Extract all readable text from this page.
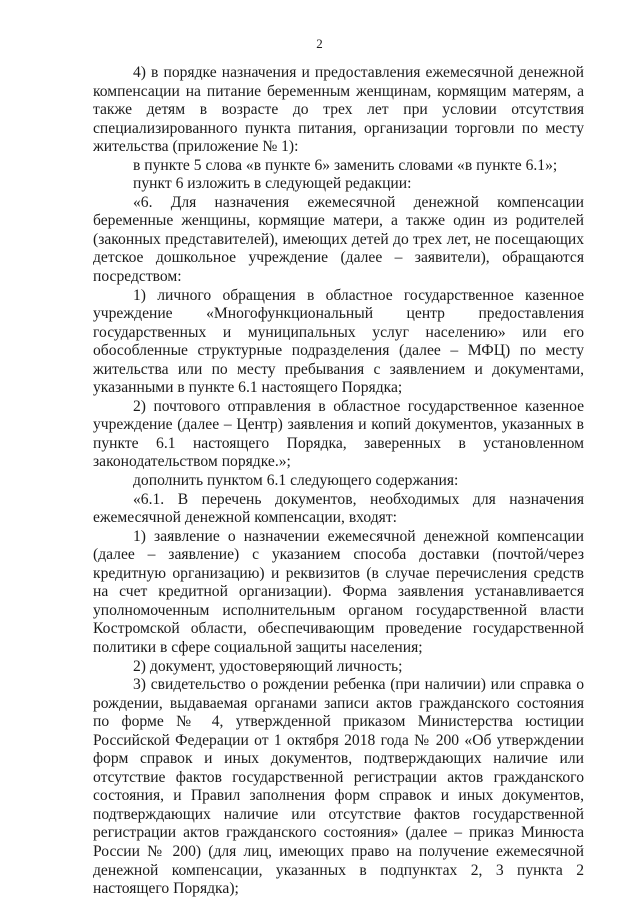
2

4) в порядке назначения и предоставления ежемесячной денежной компенсации на питание беременным женщинам, кормящим матерям, а также детям в возрасте до трех лет при условии отсутствия специализированного пункта питания, организации торговли по месту жительства (приложение № 1):

в пункте 5 слова «в пункте 6» заменить словами «в пункте 6.1»;

пункт 6 изложить в следующей редакции:

«6. Для назначения ежемесячной денежной компенсации беременные женщины, кормящие матери, а также один из родителей (законных представителей), имеющих детей до трех лет, не посещающих детское дошкольное учреждение (далее – заявители), обращаются посредством:

1) личного обращения в областное государственное казенное учреждение «Многофункциональный центр предоставления государственных и муниципальных услуг населению» или его обособленные структурные подразделения (далее – МФЦ) по месту жительства или по месту пребывания с заявлением и документами, указанными в пункте 6.1 настоящего Порядка;

2) почтового отправления в областное государственное казенное учреждение (далее – Центр) заявления и копий документов, указанных в пункте 6.1 настоящего Порядка, заверенных в установленном законодательством порядке.»;

дополнить пунктом 6.1 следующего содержания:

«6.1. В перечень документов, необходимых для назначения ежемесячной денежной компенсации, входят:

1) заявление о назначении ежемесячной денежной компенсации (далее – заявление) с указанием способа доставки (почтой/через кредитную организацию) и реквизитов (в случае перечисления средств на счет кредитной организации). Форма заявления устанавливается уполномоченным исполнительным органом государственной власти Костромской области, обеспечивающим проведение государственной политики в сфере социальной защиты населения;

2) документ, удостоверяющий личность;

3) свидетельство о рождении ребенка (при наличии) или справка о рождении, выдаваемая органами записи актов гражданского состояния по форме № 4, утвержденной приказом Министерства юстиции Российской Федерации от 1 октября 2018 года № 200 «Об утверждении форм справок и иных документов, подтверждающих наличие или отсутствие фактов государственной регистрации актов гражданского состояния, и Правил заполнения форм справок и иных документов, подтверждающих наличие или отсутствие фактов государственной регистрации актов гражданского состояния» (далее – приказ Минюста России № 200) (для лиц, имеющих право на получение ежемесячной денежной компенсации, указанных в подпунктах 2, 3 пункта 2 настоящего Порядка);
